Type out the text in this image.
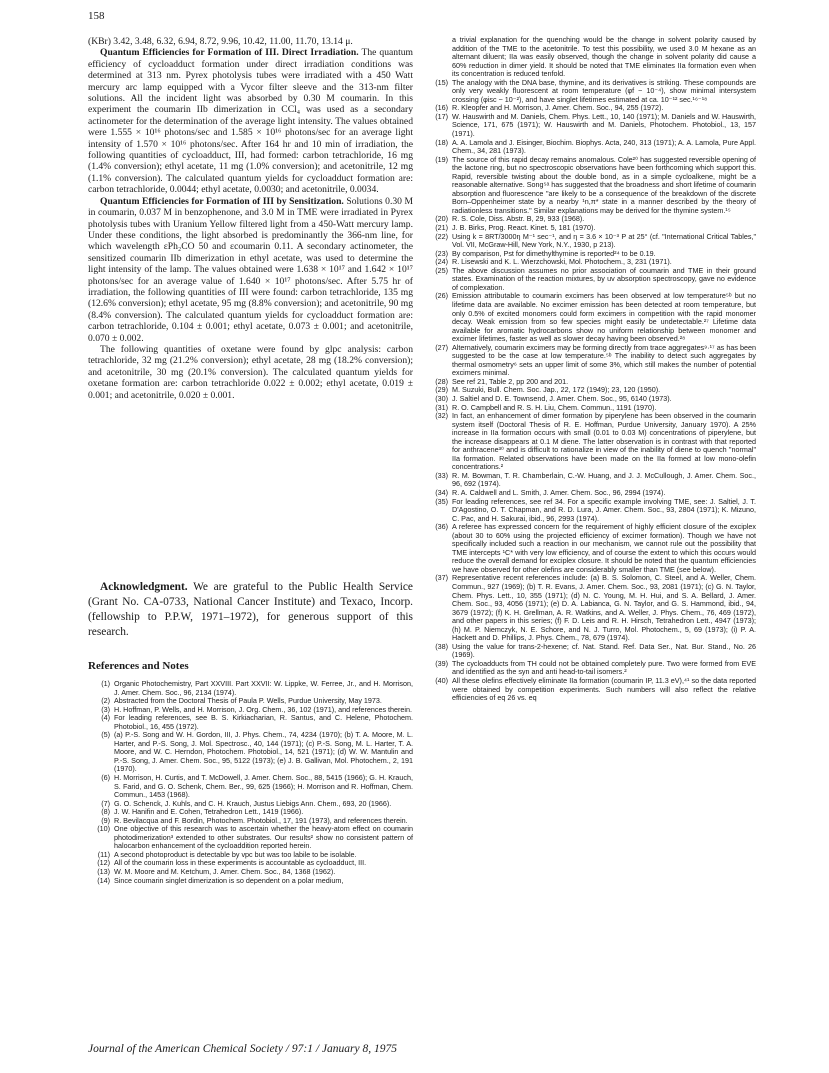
158

(KBr) 3.42, 3.48, 6.32, 6.94, 8.72, 9.96, 10.42, 11.00, 11.70, 13.14 μ.

Quantum Efficiencies for Formation of III. Direct Irradiation. The quantum efficiency of cycloadduct formation under direct irradiation conditions was determined at 313 nm. Pyrex photolysis tubes were irradiated with a 450 Watt mercury arc lamp equipped with a Vycor filter sleeve and the 313-nm filter solutions. All the incident light was absorbed by 0.30 M coumarin. In this experiment the coumarin IIb dimerization in CCl₄ was used as a secondary actinometer for the determination of the average light intensity. The values obtained were 1.555 × 10¹⁶ photons/sec and 1.585 × 10¹⁶ photons/sec for an average light intensity of 1.570 × 10¹⁶ photons/sec. After 164 hr and 10 min of irradiation, the following quantities of cycloadduct, III, had formed: carbon tetrachloride, 16 mg (1.4% conversion); ethyl acetate, 11 mg (1.0% conversion); and acetonitrile, 12 mg (1.1% conversion). The calculated quantum yields for cycloadduct formation are: carbon tetrachloride, 0.0044; ethyl acetate, 0.0030; and acetonitrile, 0.0034.

Quantum Efficiencies for Formation of III by Sensitization. Solutions 0.30 M in coumarin, 0.037 M in benzophenone, and 3.0 M in TME were irradiated in Pyrex photolysis tubes with Uranium Yellow filtered light from a 450-Watt mercury lamp. Under these conditions, the light absorbed is predominantly the 366-nm line, for which wavelength εPh₂CO 50 and εcoumarin 0.11. A secondary actinometer, the sensitized coumarin IIb dimerization in ethyl acetate, was used to determine the light intensity of the lamp. The values obtained were 1.638 × 10¹⁷ and 1.642 × 10¹⁷ photons/sec for an average value of 1.640 × 10¹⁷ photons/sec. After 5.75 hr of irradiation, the following quantities of III were found: carbon tetrachloride, 135 mg (12.6% conversion); ethyl acetate, 95 mg (8.8% conversion); and acetonitrile, 90 mg (8.4% conversion). The calculated quantum yields for cycloadduct formation are: carbon tetrachloride, 0.104 ± 0.001; ethyl acetate, 0.073 ± 0.001; and acetonitrile, 0.070 ± 0.002.

The following quantities of oxetane were found by glpc analysis: carbon tetrachloride, 32 mg (21.2% conversion); ethyl acetate, 28 mg (18.2% conversion); and acetonitrile, 30 mg (20.1% conversion). The calculated quantum yields for oxetane formation are: carbon tetrachloride 0.022 ± 0.002; ethyl acetate, 0.019 ± 0.001; and acetonitrile, 0.020 ± 0.001.

Acknowledgment. We are grateful to the Public Health Service (Grant No. CA-0733, National Cancer Institute) and Texaco, Incorp. (fellowship to P.P.W, 1971–1972), for generous support of this research.

References and Notes

(1) Organic Photochemistry, Part XXVIII. Part XXVII: W. Lippke, W. Ferree, Jr., and H. Morrison, J. Amer. Chem. Soc., 96, 2134 (1974).
(2) Abstracted from the Doctoral Thesis of Paula P. Wells, Purdue University, May 1973.
(3) H. Hoffman, P. Wells, and H. Morrison, J. Org. Chem., 36, 102 (1971), and references therein.
(4) For leading references, see B. S. Kirkiacharian, R. Santus, and C. Helene, Photochem. Photobiol., 16, 455 (1972).
(5) (a) P.-S. Song and W. H. Gordon, III, J. Phys. Chem., 74, 4234 (1970); (b) T. A. Moore, M. L. Harter, and P.-S. Song, J. Mol. Spectrosc., 40, 144 (1971); (c) P.-S. Song, M. L. Harter, T. A. Moore, and W. C. Herndon, Photochem. Photobiol., 14, 521 (1971); (d) W. W. Mantulin and P.-S. Song, J. Amer. Chem. Soc., 95, 5122 (1973); (e) J. B. Gallivan, Mol. Photochem., 2, 191 (1970).
(6) H. Morrison, H. Curtis, and T. McDowell, J. Amer. Chem. Soc., 88, 5415 (1966); G. H. Krauch, S. Farid, and G. O. Schenk, Chem. Ber., 99, 625 (1966); H. Morrison and R. Hoffman, Chem. Commun., 1453 (1968).
(7) G. O. Schenck, J. Kuhls, and C. H. Krauch, Justus Liebigs Ann. Chem., 693, 20 (1966).
(8) J. W. Hanifin and E. Cohen, Tetrahedron Lett., 1419 (1966).
(9) R. Bevilacqua and F. Bordin, Photochem. Photobiol., 17, 191 (1973), and references therein.
(10) One objective of this research was to ascertain whether the heavy-atom effect on coumarin photodimerization³ extended to other substrates. Our results² show no consistent pattern of halocarbon enhancement of the cycloaddition reported herein.
(11) A second photoproduct is detectable by vpc but was too labile to be isolable.
(12) All of the coumarin loss in these experiments is accountable as cycloadduct, III.
(13) W. M. Moore and M. Ketchum, J. Amer. Chem. Soc., 84, 1368 (1962).
(14) Since coumarin singlet dimerization is so dependent on a polar medium,

a trivial explanation for the quenching would be the change in solvent polarity caused by addition of the TME to the acetonitrile. To test this possibility, we used 3.0 M hexane as an alternant diluent; IIa was easily observed, though the change in solvent polarity did cause a 60% reduction in dimer yield. It should be noted that TME eliminates IIa formation even when its concentration is reduced tenfold.

(15) The analogy with the DNA base, thymine, and its derivatives is striking. These compounds are only very weakly fluorescent at room temperature (φf ~ 10⁻⁴), show minimal intersystem crossing (φisc ~ 10⁻²), and have singlet lifetimes estimated at ca. 10⁻¹² sec.¹⁶⁻¹⁸
(16) R. Kleopfer and H. Morrison, J. Amer. Chem. Soc., 94, 255 (1972).
(17) W. Hauswirth and M. Daniels, Chem. Phys. Lett., 10, 140 (1971); M. Daniels and W. Hauswirth, Science, 171, 675 (1971); W. Hauswirth and M. Daniels, Photochem. Photobiol., 13, 157 (1971).
(18) A. A. Lamola and J. Eisinger, Biochim. Biophys. Acta, 240, 313 (1971); A. A. Lamola, Pure Appl. Chem., 34, 281 (1973).
(19) The source of this rapid decay remains anomalous. Cole²⁰ has suggested reversible opening of the lactone ring, but no spectroscopic observations have been forthcoming which support this. Rapid, reversible twisting about the double bond, as in a simple cycloalkene, might be a reasonable alternative. Song⁵ᵃ has suggested that the broadness and short lifetime of coumarin absorption and fluorescence "are likely to be a consequence of the breakdown of the discrete Born–Oppenheimer state by a nearby ¹n,π* state in a manner described by the theory of radiationless transitions." Similar explanations may be derived for the thymine system.¹⁵
(20) R. S. Cole, Diss. Abstr. B, 29, 933 (1968).
(21) J. B. Birks, Prog. React. Kinet. 5, 181 (1970).
(22) Using k = 8RT/3000η M⁻¹ sec⁻¹, and η = 3.6 × 10⁻³ P at 25° (cf. "International Critical Tables," Vol. VII, McGraw-Hill, New York, N.Y., 1930, p 213).
(23) By comparison, Pst for dimethylthymine is reported²⁴ to be 0.19.
(24) R. Lisewski and K. L. Wierzchowski, Mol. Photochem., 3, 231 (1971).
(25) The above discussion assumes no prior association of coumarin and TME in their ground states. Examination of the reaction mixtures, by uv absorption spectroscopy, gave no evidence of complexation.
(26) Emission attributable to coumarin excimers has been observed at low temperature⁵ᵇ but no lifetime data are available. No excimer emission has been detected at room temperature, but only 0.5% of excited monomers could form excimers in competition with the rapid monomer decay. Weak emission from so few species might easily be undetectable.²⁷ Lifetime data available for aromatic hydrocarbons show no uniform relationship between monomer and excimer lifetimes, faster as well as slower decay having been observed.²⁸
(27) Alternatively, coumarin excimers may be forming directly from trace aggregates⁹·¹⁷ as has been suggested to be the case at low temperature.⁵ᵇ The inability to detect such aggregates by thermal osmometry⁶ sets an upper limit of some 3%, which still makes the number of potential excimers minimal.
(28) See ref 21, Table 2, pp 200 and 201.
(29) M. Suzuki, Bull. Chem. Soc. Jap., 22, 172 (1949); 23, 120 (1950).
(30) J. Saltiel and D. E. Townsend, J. Amer. Chem. Soc., 95, 6140 (1973).
(31) R. O. Campbell and R. S. H. Liu, Chem. Commun., 1191 (1970).
(32) In fact, an enhancement of dimer formation by piperylene has been observed in the coumarin system itself (Doctoral Thesis of R. E. Hoffman, Purdue University, January 1970). A 25% increase in IIa formation occurs with small (0.01 to 0.03 M) concentrations of piperylene, but the increase disappears at 0.1 M diene. The latter observation is in contrast with that reported for anthracene³⁰ and is difficult to rationalize in view of the inability of diene to quench "normal" IIa formation. Related observations have been made on the IIa formed at low mono-olefin concentrations.²
(33) R. M. Bowman, T. R. Chamberlain, C.-W. Huang, and J. J. McCullough, J. Amer. Chem. Soc., 96, 692 (1974).
(34) R. A. Caldwell and L. Smith, J. Amer. Chem. Soc., 96, 2994 (1974).
(35) For leading references, see ref 34. For a specific example involving TME, see: J. Saltiel, J. T. D'Agostino, O. T. Chapman, and R. D. Lura, J. Amer. Chem. Soc., 93, 2804 (1971); K. Mizuno, C. Pac, and H. Sakurai, ibid., 96, 2993 (1974).
(36) A referee has expressed concern for the requirement of highly efficient closure of the exciplex (about 30 to 60% using the projected efficiency of excimer formation). Though we have not specifically included such a reaction in our mechanism, we cannot rule out the possibility that TME intercepts ¹C* with very low efficiency, and of course the extent to which this occurs would reduce the overall demand for exciplex closure. It should be noted that the quantum efficiencies we have observed for other olefins are considerably smaller than TME (see below).
(37) Representative recent references include: (a) B. S. Solomon, C. Steel, and A. Weller, Chem. Commun., 927 (1969); (b) T. R. Evans, J. Amer. Chem. Soc., 93, 2081 (1971); (c) G. N. Taylor, Chem. Phys. Lett., 10, 355 (1971); (d) N. C. Young, M. H. Hui, and S. A. Bellard, J. Amer. Chem. Soc., 93, 4056 (1971); (e) D. A. Labianca, G. N. Taylor, and G. S. Hammond, ibid., 94, 3679 (1972); (f) K. H. Grellman, A. R. Watkins, and A. Weller, J. Phys. Chem., 76, 469 (1972), and other papers in this series; (f) F. D. Leis and R. H. Hirsch, Tetrahedron Lett., 4947 (1973); (h) M. P. Niemczyk, N. E. Schore, and N. J. Turro, Mol. Photochem., 5, 69 (1973); (i) P. A. Hackett and D. Phillips, J. Phys. Chem., 78, 679 (1974).
(38) Using the value for trans-2-hexene; cf. Nat. Stand. Ref. Data Ser., Nat. Bur. Stand., No. 26 (1969).
(39) The cycloadducts from TH could not be obtained completely pure. Two were formed from EVE and identified as the syn and anti head-to-tail isomers.²
(40) All these olefins effectively eliminate IIa formation (coumarin IP, 11.3 eV),⁴¹ so the data reported were obtained by competition experiments. Such numbers will also reflect the relative efficiencies of eq 26 vs. eq
Journal of the American Chemical Society / 97:1 / January 8, 1975
